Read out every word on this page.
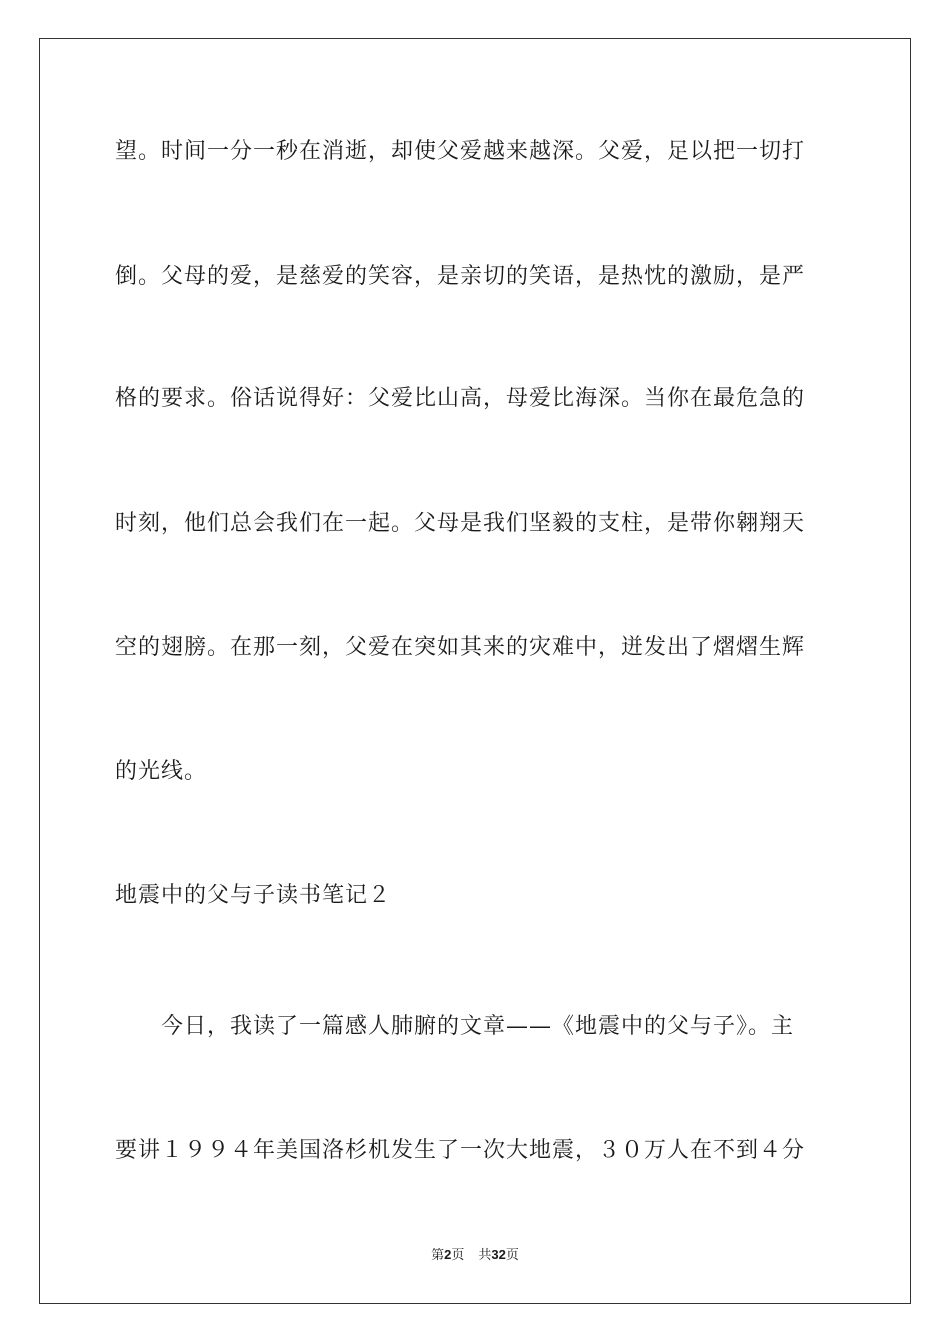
望。时间一分一秒在消逝，却使父爱越来越深。父爱，足以把一切打
倒。父母的爱，是慈爱的笑容，是亲切的笑语，是热忱的激励，是严
格的要求。俗话说得好：父爱比山高，母爱比海深。当你在最危急的
时刻，他们总会我们在一起。父母是我们坚毅的支柱，是带你翱翔天
空的翅膀。在那一刻，父爱在突如其来的灾难中，迸发出了熠熠生辉
的光线。
地震中的父与子读书笔记２
今日，我读了一篇感人肺腑的文章——《地震中的父与子》。主
要讲１９９４年美国洛杉机发生了一次大地震，３０万人在不到４分
第2页 共32页
